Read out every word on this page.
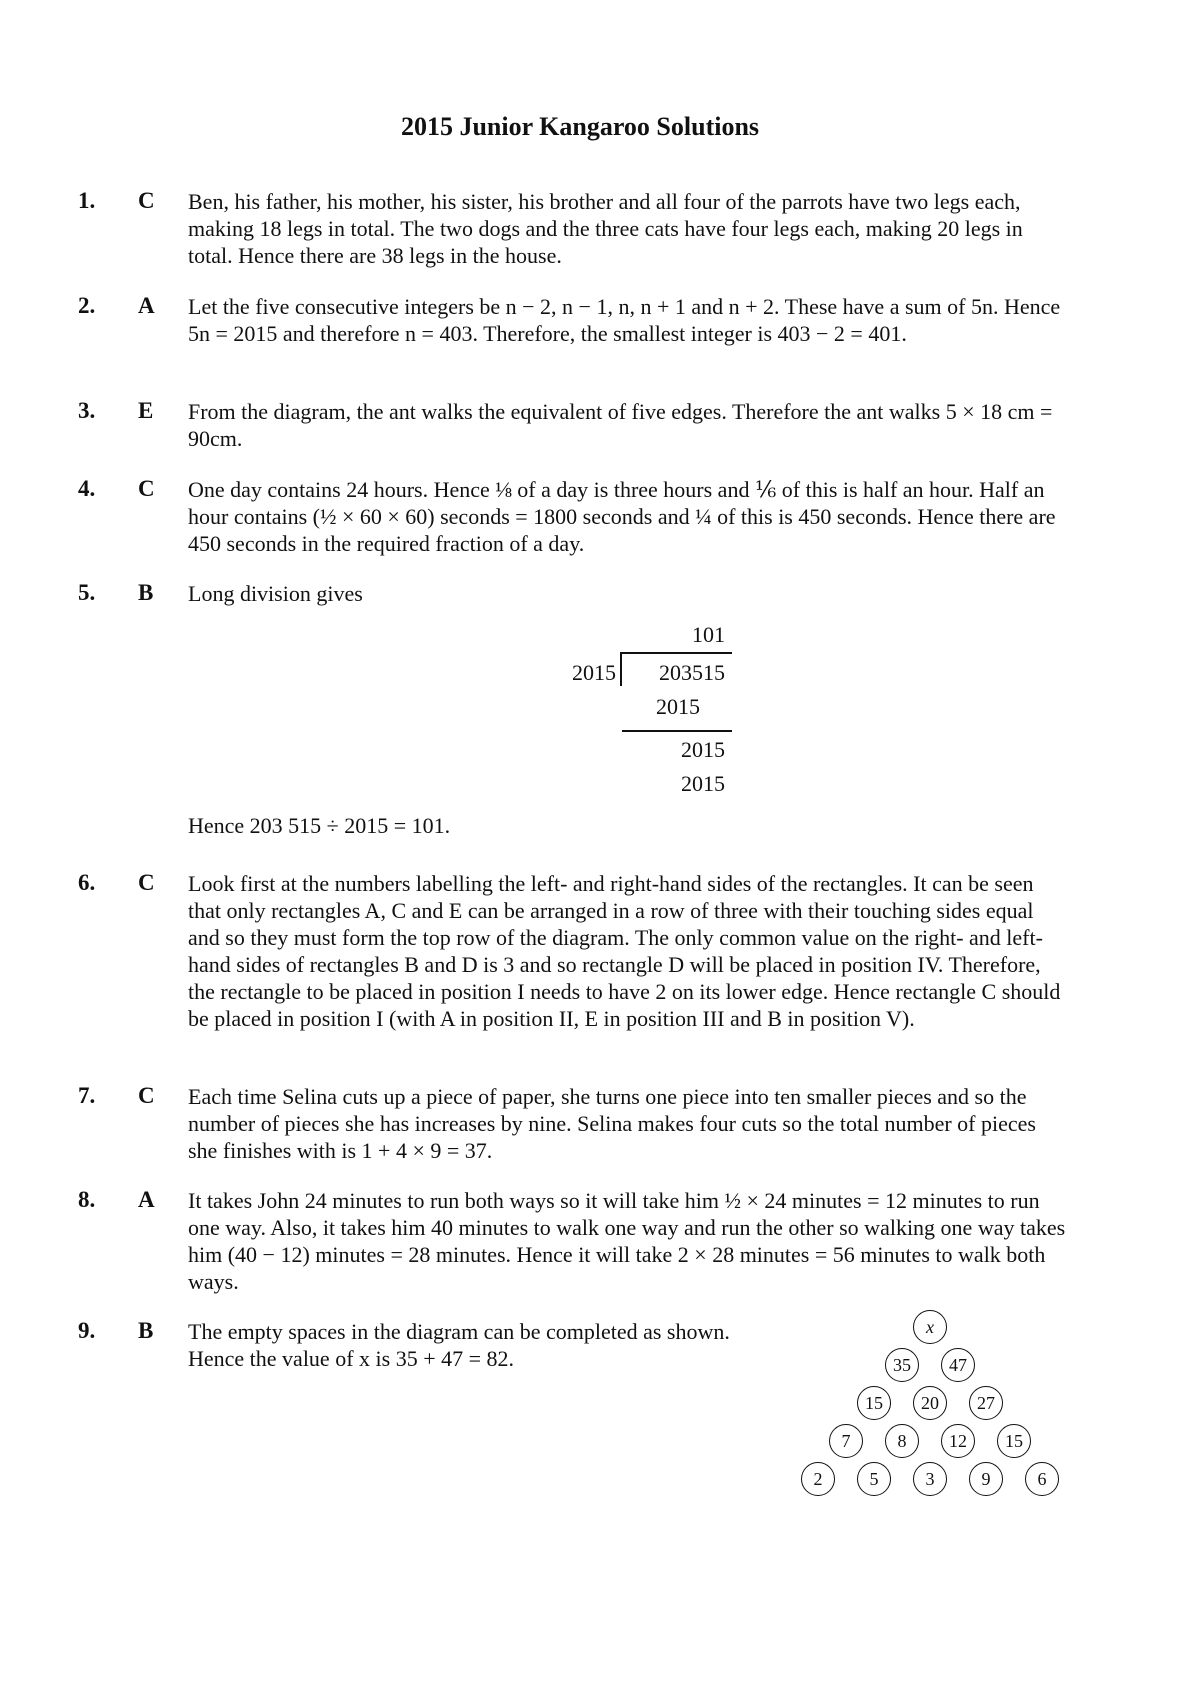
2015 Junior Kangaroo Solutions
1. C Ben, his father, his mother, his sister, his brother and all four of the parrots have two legs each, making 18 legs in total. The two dogs and the three cats have four legs each, making 20 legs in total. Hence there are 38 legs in the house.
2. A Let the five consecutive integers be n − 2, n − 1, n, n + 1 and n + 2. These have a sum of 5n. Hence 5n = 2015 and therefore n = 403. Therefore, the smallest integer is 403 − 2 = 401.
3. E From the diagram, the ant walks the equivalent of five edges. Therefore the ant walks 5 × 18 cm = 90cm.
4. C One day contains 24 hours. Hence ⅛ of a day is three hours and ⅙ of this is half an hour. Half an hour contains (½ × 60 × 60) seconds = 1800 seconds and ¼ of this is 450 seconds. Hence there are 450 seconds in the required fraction of a day.
5. B Long division gives
Hence 203 515 ÷ 2015 = 101.
101
2015	203515
2015
2015
2015
6. C Look first at the numbers labelling the left- and right-hand sides of the rectangles. It can be seen that only rectangles A, C and E can be arranged in a row of three with their touching sides equal and so they must form the top row of the diagram. The only common value on the right- and left-hand sides of rectangles B and D is 3 and so rectangle D will be placed in position IV. Therefore, the rectangle to be placed in position I needs to have 2 on its lower edge. Hence rectangle C should be placed in position I (with A in position II, E in position III and B in position V).
7. C Each time Selina cuts up a piece of paper, she turns one piece into ten smaller pieces and so the number of pieces she has increases by nine. Selina makes four cuts so the total number of pieces she finishes with is 1 + 4 × 9 = 37.
8. A It takes John 24 minutes to run both ways so it will take him ½ × 24 minutes = 12 minutes to run one way. Also, it takes him 40 minutes to walk one way and run the other so walking one way takes him (40 − 12) minutes = 28 minutes. Hence it will take 2 × 28 minutes = 56 minutes to walk both ways.
9. B The empty spaces in the diagram can be completed as shown. Hence the value of x is 35 + 47 = 82.
x
35	47
15	20	27
7	8	12	15
2	5	3	9	6
